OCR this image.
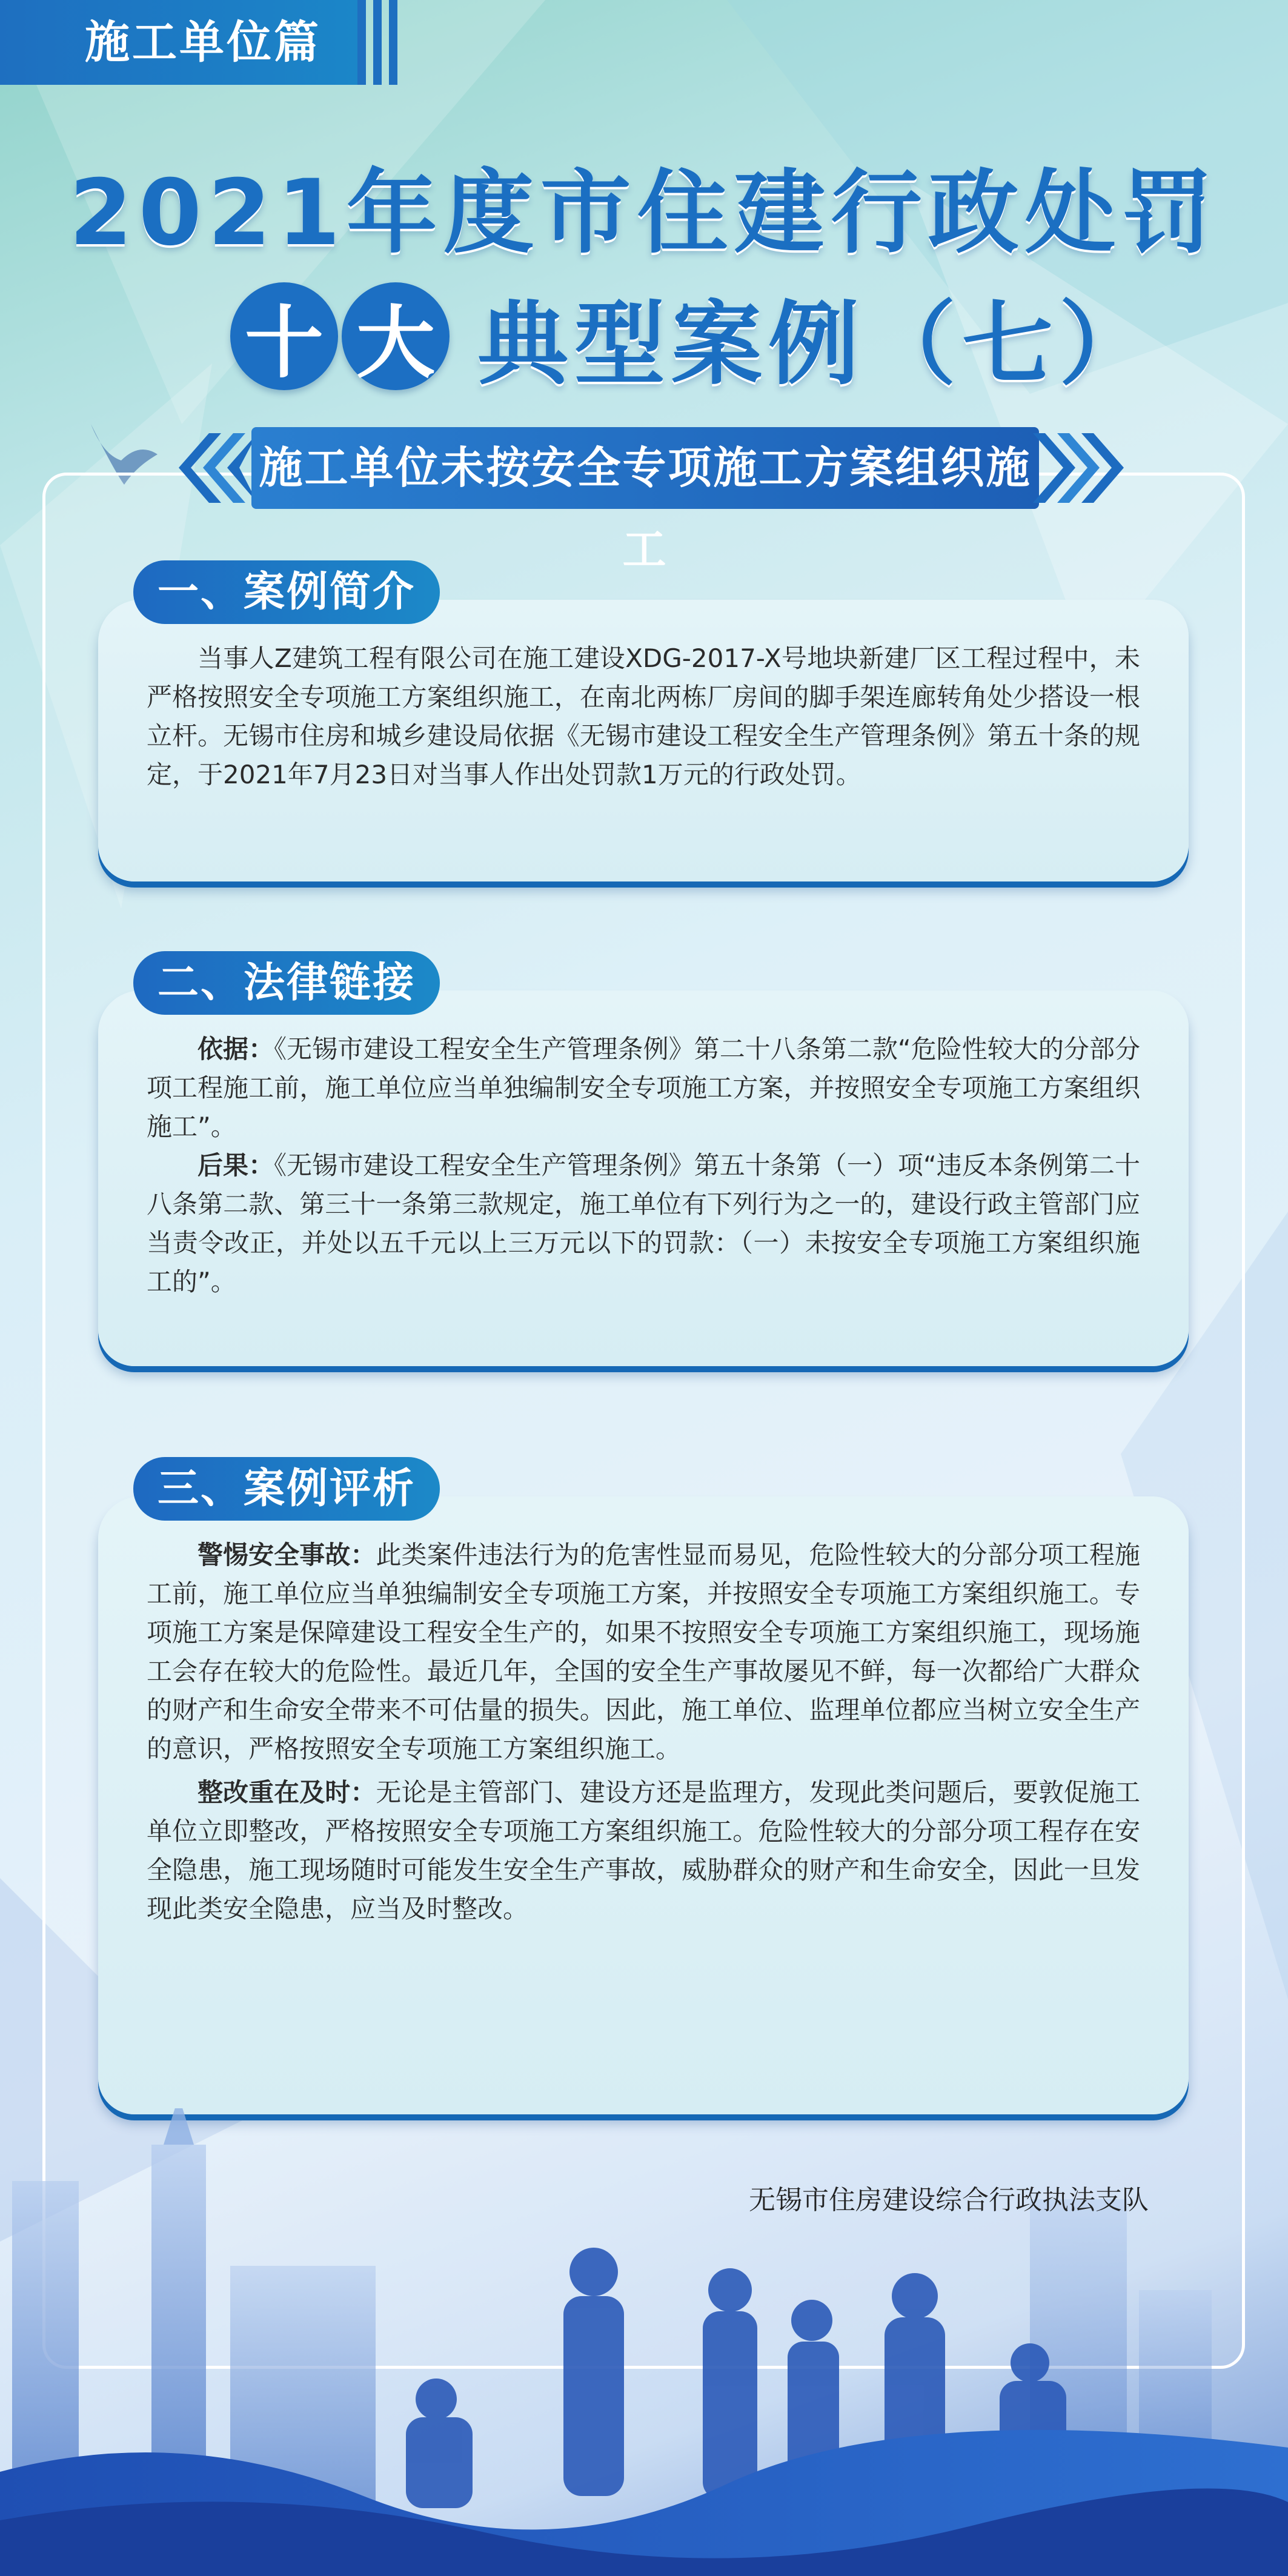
施工单位篇
2021年度市住建行政处罚
十 大 典型案例（七）
施工单位未按安全专项施工方案组织施工
一、案例简介

当事人Z建筑工程有限公司在施工建设XDG-2017-X号地块新建厂区工程过程中，未严格按照安全专项施工方案组织施工，在南北两栋厂房间的脚手架连廊转角处少搭设一根立杆。无锡市住房和城乡建设局依据《无锡市建设工程安全生产管理条例》第五十条的规定，于2021年7月23日对当事人作出处罚款1万元的行政处罚。

二、法律链接

依据：《无锡市建设工程安全生产管理条例》第二十八条第二款“危险性较大的分部分项工程施工前，施工单位应当单独编制安全专项施工方案，并按照安全专项施工方案组织施工”。

后果：《无锡市建设工程安全生产管理条例》第五十条第（一）项“违反本条例第二十八条第二款、第三十一条第三款规定，施工单位有下列行为之一的，建设行政主管部门应当责令改正，并处以五千元以上三万元以下的罚款：（一）未按安全专项施工方案组织施工的”。

三、案例评析

警惕安全事故：此类案件违法行为的危害性显而易见，危险性较大的分部分项工程施工前，施工单位应当单独编制安全专项施工方案，并按照安全专项施工方案组织施工。专项施工方案是保障建设工程安全生产的，如果不按照安全专项施工方案组织施工，现场施工会存在较大的危险性。最近几年，全国的安全生产事故屡见不鲜，每一次都给广大群众的财产和生命安全带来不可估量的损失。因此，施工单位、监理单位都应当树立安全生产的意识，严格按照安全专项施工方案组织施工。

整改重在及时：无论是主管部门、建设方还是监理方，发现此类问题后，要敦促施工单位立即整改，严格按照安全专项施工方案组织施工。危险性较大的分部分项工程存在安全隐患，施工现场随时可能发生安全生产事故，威胁群众的财产和生命安全，因此一旦发现此类安全隐患，应当及时整改。

无锡市住房建设综合行政执法支队
